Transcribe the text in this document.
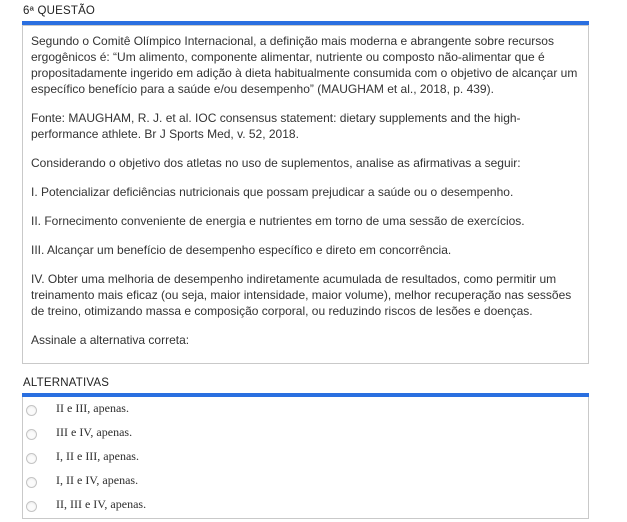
6ª QUESTÃO

Segundo o Comitê Olímpico Internacional, a definição mais moderna e abrangente sobre recursos ergogênicos é: “Um alimento, componente alimentar, nutriente ou composto não-alimentar que é propositadamente ingerido em adição à dieta habitualmente consumida com o objetivo de alcançar um específico benefício para a saúde e/ou desempenho” (MAUGHAM et al., 2018, p. 439).

Fonte: MAUGHAM, R. J. et al. IOC consensus statement: dietary supplements and the high-performance athlete. Br J Sports Med, v. 52, 2018.

Considerando o objetivo dos atletas no uso de suplementos, analise as afirmativas a seguir:

I. Potencializar deficiências nutricionais que possam prejudicar a saúde ou o desempenho.

II. Fornecimento conveniente de energia e nutrientes em torno de uma sessão de exercícios.

III. Alcançar um benefício de desempenho específico e direto em concorrência.

IV. Obter uma melhoria de desempenho indiretamente acumulada de resultados, como permitir um treinamento mais eficaz (ou seja, maior intensidade, maior volume), melhor recuperação nas sessões de treino, otimizando massa e composição corporal, ou reduzindo riscos de lesões e doenças.

Assinale a alternativa correta:

ALTERNATIVAS
II e III, apenas.
III e IV, apenas.
I, II e III, apenas.
I, II e IV, apenas.
II, III e IV, apenas.
